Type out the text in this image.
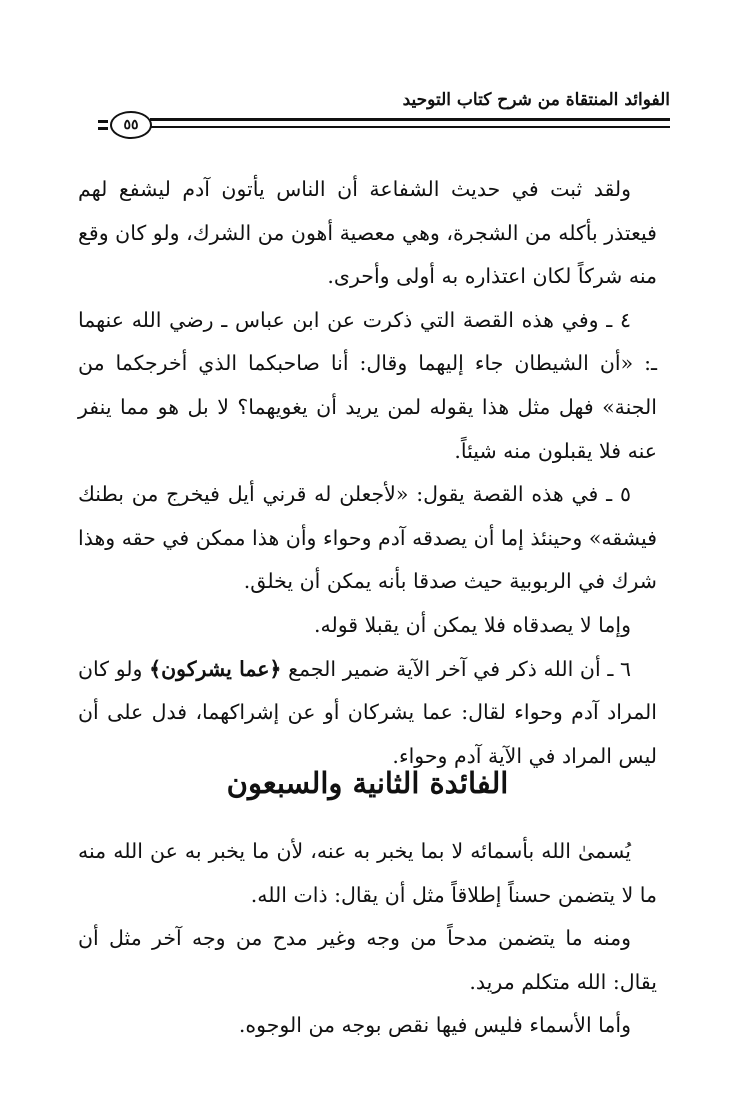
الفوائد المنتقاة من شرح كتاب التوحيد
٥٥

ولقد ثبت في حديث الشفاعة أن الناس يأتون آدم ليشفع لهم فيعتذر بأكله من الشجرة، وهي معصية أهون من الشرك، ولو كان وقع منه شركاً لكان اعتذاره به أولى وأحرى.

٤ ـ وفي هذه القصة التي ذكرت عن ابن عباس ـ رضي الله عنهما ـ: «أن الشيطان جاء إليهما وقال: أنا صاحبكما الذي أخرجكما من الجنة» فهل مثل هذا يقوله لمن يريد أن يغويهما؟ لا بل هو مما ينفر عنه فلا يقبلون منه شيئاً.

٥ ـ في هذه القصة يقول: «لأجعلن له قرني أيل فيخرج من بطنك فيشقه» وحينئذ إما أن يصدقه آدم وحواء وأن هذا ممكن في حقه وهذا شرك في الربوبية حيث صدقا بأنه يمكن أن يخلق.

وإما لا يصدقاه فلا يمكن أن يقبلا قوله.

٦ ـ أن الله ذكر في آخر الآية ضمير الجمع ﴿عما يشركون﴾ ولو كان المراد آدم وحواء لقال: عما يشركان أو عن إشراكهما، فدل على أن ليس المراد في الآية آدم وحواء.

الفائدة الثانية والسبعون

يُسمىٰ الله بأسمائه لا بما يخبر به عنه، لأن ما يخبر به عن الله منه ما لا يتضمن حسناً إطلاقاً مثل أن يقال: ذات الله.

ومنه ما يتضمن مدحاً من وجه وغير مدح من وجه آخر مثل أن يقال: الله متكلم مريد.

وأما الأسماء فليس فيها نقص بوجه من الوجوه.
